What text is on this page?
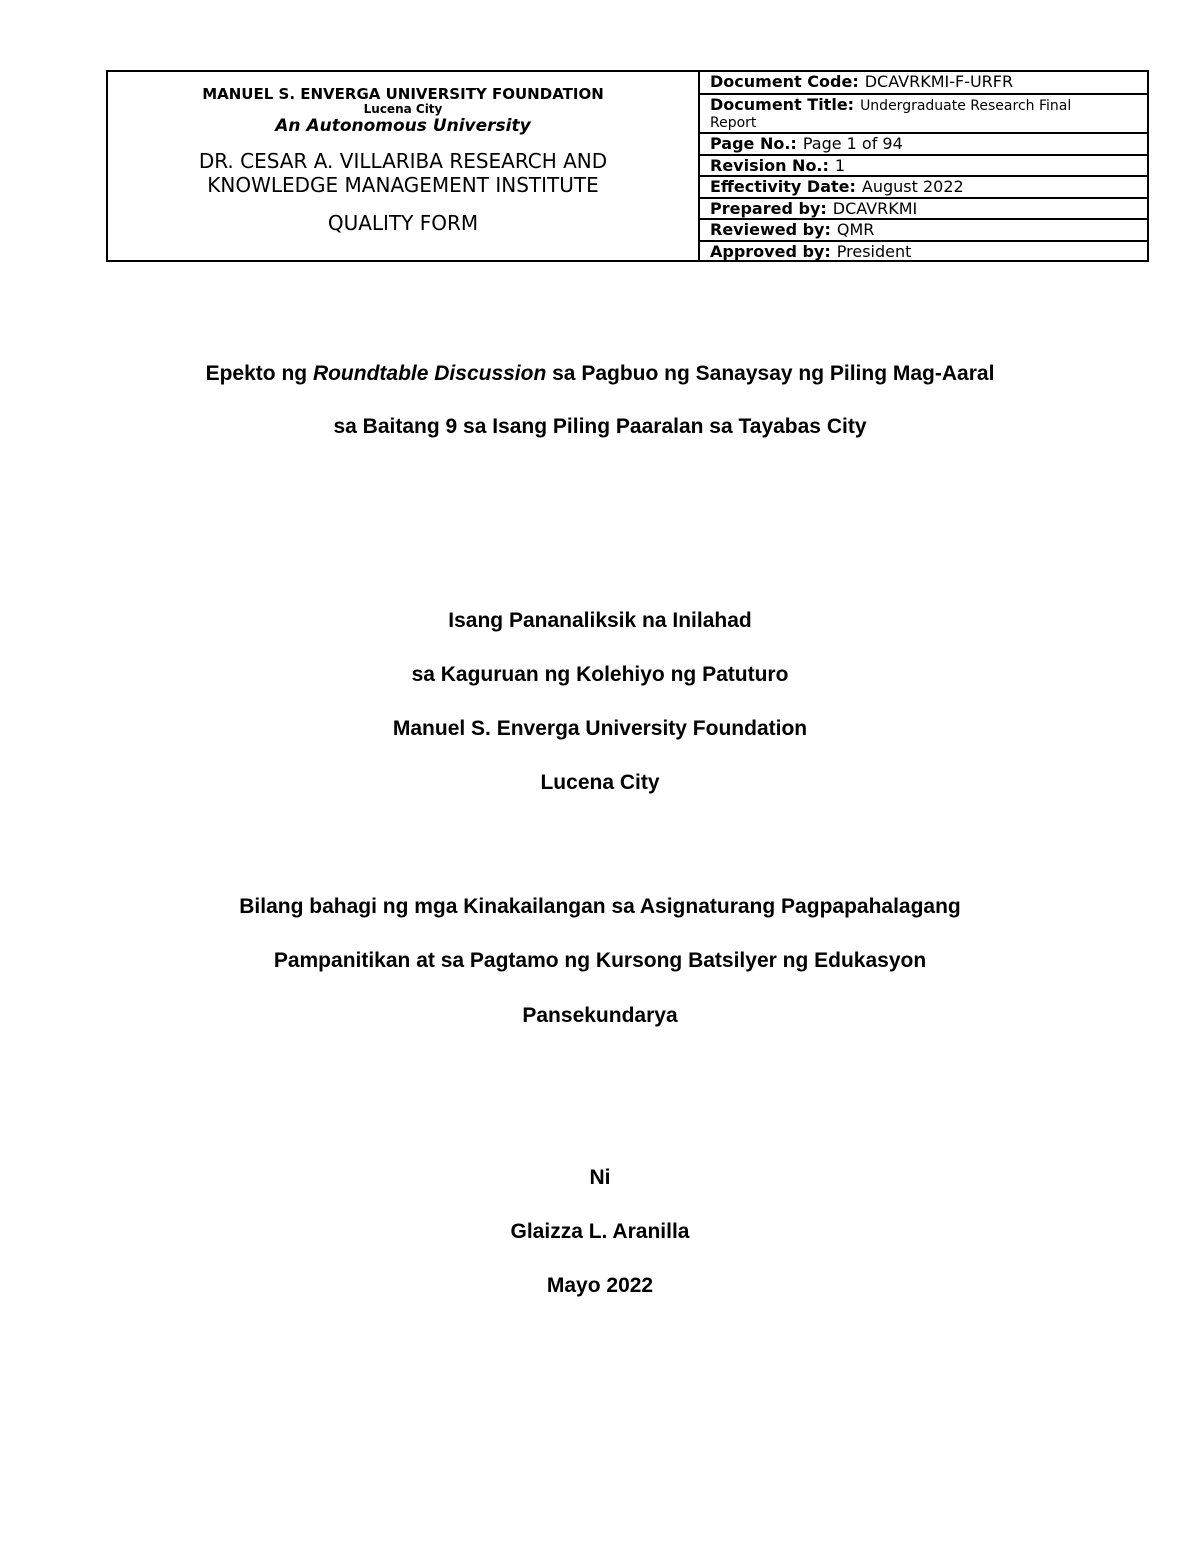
MANUEL S. ENVERGA UNIVERSITY FOUNDATION
Lucena City
An Autonomous University
DR. CESAR A. VILLARIBA RESEARCH AND
KNOWLEDGE MANAGEMENT INSTITUTE
QUALITY FORM
Document Code: DCAVRKMI-F-URFR
Document Title: Undergraduate Research Final
Report
Page No.: Page 1 of 94
Revision No.: 1
Effectivity Date: August 2022
Prepared by: DCAVRKMI
Reviewed by: QMR
Approved by: President
Epekto ng Roundtable Discussion sa Pagbuo ng Sanaysay ng Piling Mag-Aaral
sa Baitang 9 sa Isang Piling Paaralan sa Tayabas City
Isang Pananaliksik na Inilahad
sa Kaguruan ng Kolehiyo ng Patuturo
Manuel S. Enverga University Foundation
Lucena City
Bilang bahagi ng mga Kinakailangan sa Asignaturang Pagpapahalagang
Pampanitikan at sa Pagtamo ng Kursong Batsilyer ng Edukasyon
Pansekundarya
Ni
Glaizza L. Aranilla
Mayo 2022
